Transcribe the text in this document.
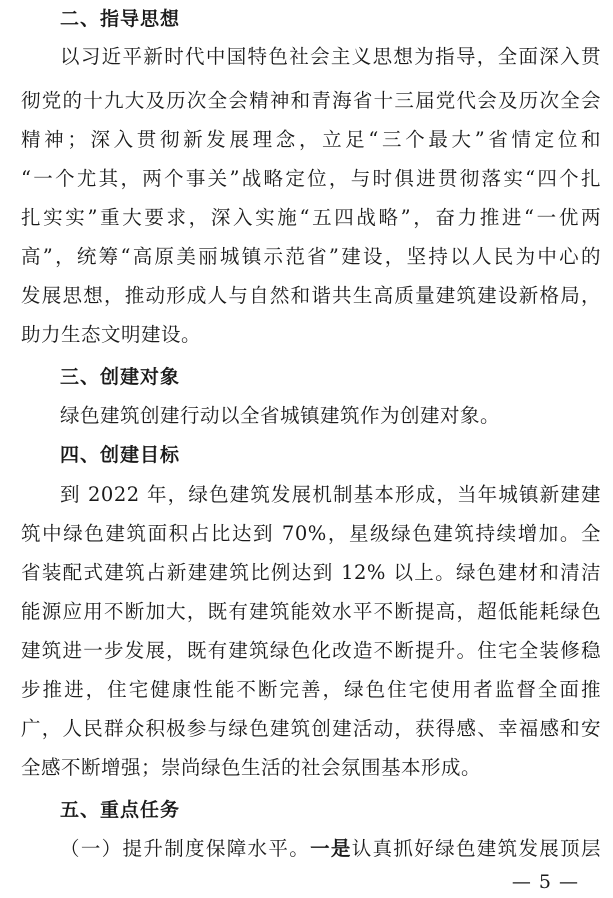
二、指导思想
以习近平新时代中国特色社会主义思想为指导，全面深入贯
彻党的十九大及历次全会精神和青海省十三届党代会及历次全会
精神；深入贯彻新发展理念，立足“三个最大”省情定位和
“一个尤其，两个事关”战略定位，与时俱进贯彻落实“四个扎
扎实实”重大要求，深入实施“五四战略”，奋力推进“一优两
高”，统筹“高原美丽城镇示范省”建设，坚持以人民为中心的
发展思想，推动形成人与自然和谐共生高质量建筑建设新格局，
助力生态文明建设。
三、创建对象
绿色建筑创建行动以全省城镇建筑作为创建对象。
四、创建目标
到 2022 年，绿色建筑发展机制基本形成，当年城镇新建建
筑中绿色建筑面积占比达到 70%，星级绿色建筑持续增加。全
省装配式建筑占新建建筑比例达到 12% 以上。绿色建材和清洁
能源应用不断加大，既有建筑能效水平不断提高，超低能耗绿色
建筑进一步发展，既有建筑绿色化改造不断提升。住宅全装修稳
步推进，住宅健康性能不断完善，绿色住宅使用者监督全面推
广，人民群众积极参与绿色建筑创建活动，获得感、幸福感和安
全感不断增强；崇尚绿色生活的社会氛围基本形成。
五、重点任务
（一）提升制度保障水平。一是认真抓好绿色建筑发展顶层
— 5 —
